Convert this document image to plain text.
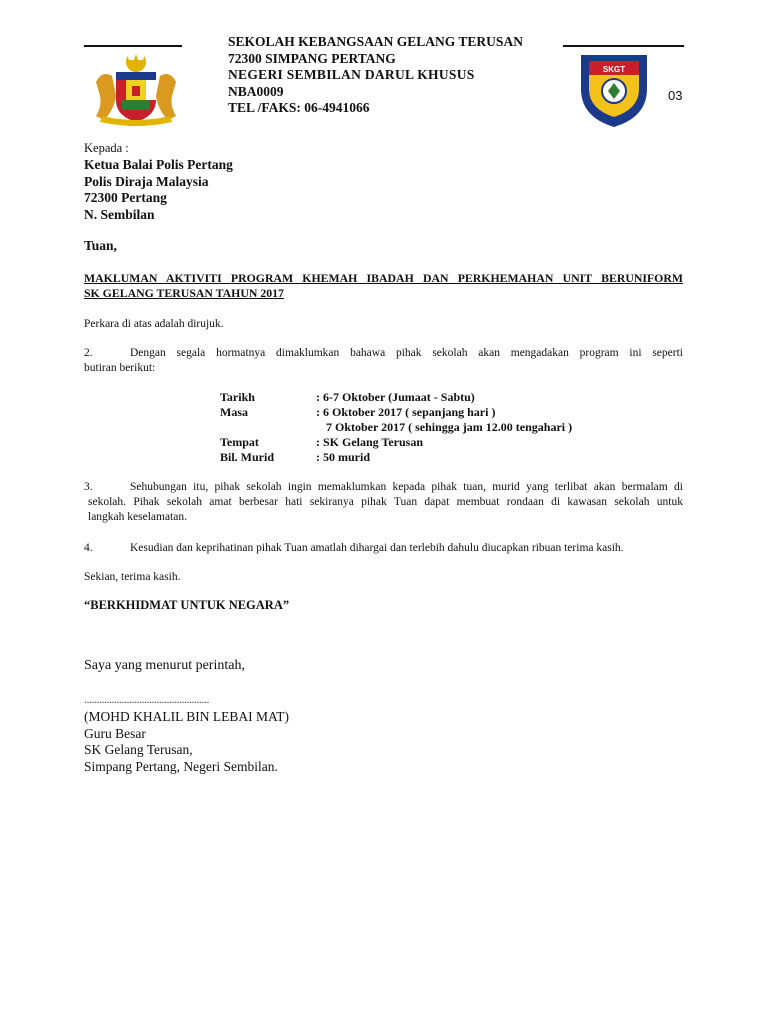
SKGT
SEKOLAH KEBANGSAAN GELANG TERUSAN
72300 SIMPANG PERTANG
NEGERI SEMBILAN DARUL KHUSUS
NBA0009
TEL /FAKS: 06-4941066
03
Kepada :
Ketua Balai Polis Pertang
Polis Diraja Malaysia
72300 Pertang
N. Sembilan
Tuan,
MAKLUMAN AKTIVITI PROGRAM KHEMAH IBADAH DAN PERKHEMAHAN UNIT BERUNIFORM
SK GELANG TERUSAN TAHUN 2017
Perkara di atas adalah dirujuk.
2.	Dengan segala hormatnya dimaklumkan bahawa pihak sekolah akan mengadakan program ini seperti
butiran berikut:
Tarikh	: 6-7 Oktober (Jumaat - Sabtu)
Masa	: 6 Oktober 2017 ( sepanjang hari )
7 Oktober 2017 ( sehingga jam 12.00 tengahari )
Tempat	: SK Gelang Terusan
Bil. Murid	: 50 murid
3.	Sehubungan itu, pihak sekolah ingin memaklumkan kepada pihak tuan, murid yang terlibat akan bermalam di
sekolah. Pihak sekolah amat berbesar hati sekiranya pihak Tuan dapat membuat rondaan di kawasan sekolah untuk
langkah keselamatan.
4.	Kesudian dan keprihatinan pihak Tuan amatlah dihargai dan terlebih dahulu diucapkan ribuan terima kasih.
Sekian, terima kasih.
“BERKHIDMAT UNTUK NEGARA”
Saya yang menurut perintah,
..................................................
(MOHD KHALIL BIN LEBAI MAT)
Guru Besar
SK Gelang Terusan,
Simpang Pertang, Negeri Sembilan.
